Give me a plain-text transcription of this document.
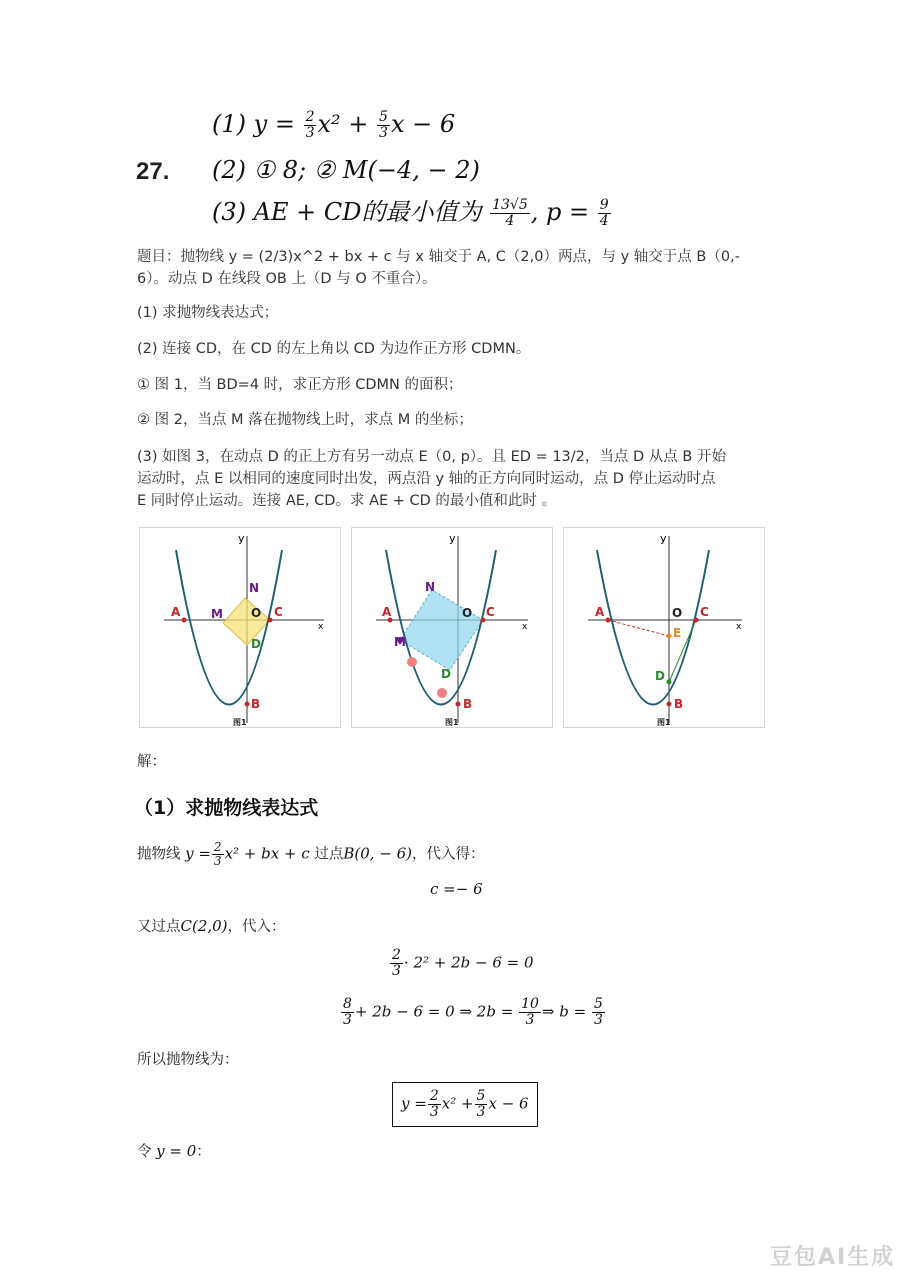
(1) $y = \frac{2}{3} x^2 + \frac{5}{3}$ x − 6
27. (2) ① 8; ② M(−4, − 2)
(3) AE + CD的最小值为 $\frac{13√5}{4}$ , $p = \frac{9}{4}$
题目：抛物线 y = (2/3)x^2 + bx + c 与 x 轴交于 A, C（2,0）两点，与 y 轴交于点 B（0,-
6）。动点 D 在线段 OB 上（D 与 O 不重合）。
(1) 求抛物线表达式；
(2) 连接 CD，在 CD 的左上角以 CD 为边作正方形 CDMN。
① 图 1，当 BD=4 时，求正方形 CDMN 的面积；
② 图 2，当点 M 落在抛物线上时，求点 M 的坐标；
(3) 如图 3，在动点 D 的正上方有另一动点 E（0, p）。且 ED = 13/2，当点 D 从点 B 开始
运动时，点 E 以相同的速度同时出发，两点沿 y 轴的正方向同时运动，点 D 停止运动时点
E 同时停止运动。连接 AE, CD。求 AE + CD 的最小值和此时 。
x
y
A	C
B
O
D
M
N
图1
x
y
A	C
B
O
D
M
N
图1
x
y
A	C
B
O
E
D
图1
解：
（1）求抛物线表达式
抛物线 $y = \frac{2}{3} x^2$ + bx + c 过点B(0, − 6)，代入得：
c =− 6
又过点C(2,0)，代入：
$\frac{2}{3} \cdot 2^2 + 2b - 6 = 0$
$\frac{8}{3} + 2b - 6 = 0$ ⇒ $2b = \frac{10}{3}$ ⇒ $b = \frac{5}{3}$
所以抛物线为：
$y = \frac{2}{3} x^2 + \frac{5}{3}$ x − 6
令 y = 0：
豆包AI生成
